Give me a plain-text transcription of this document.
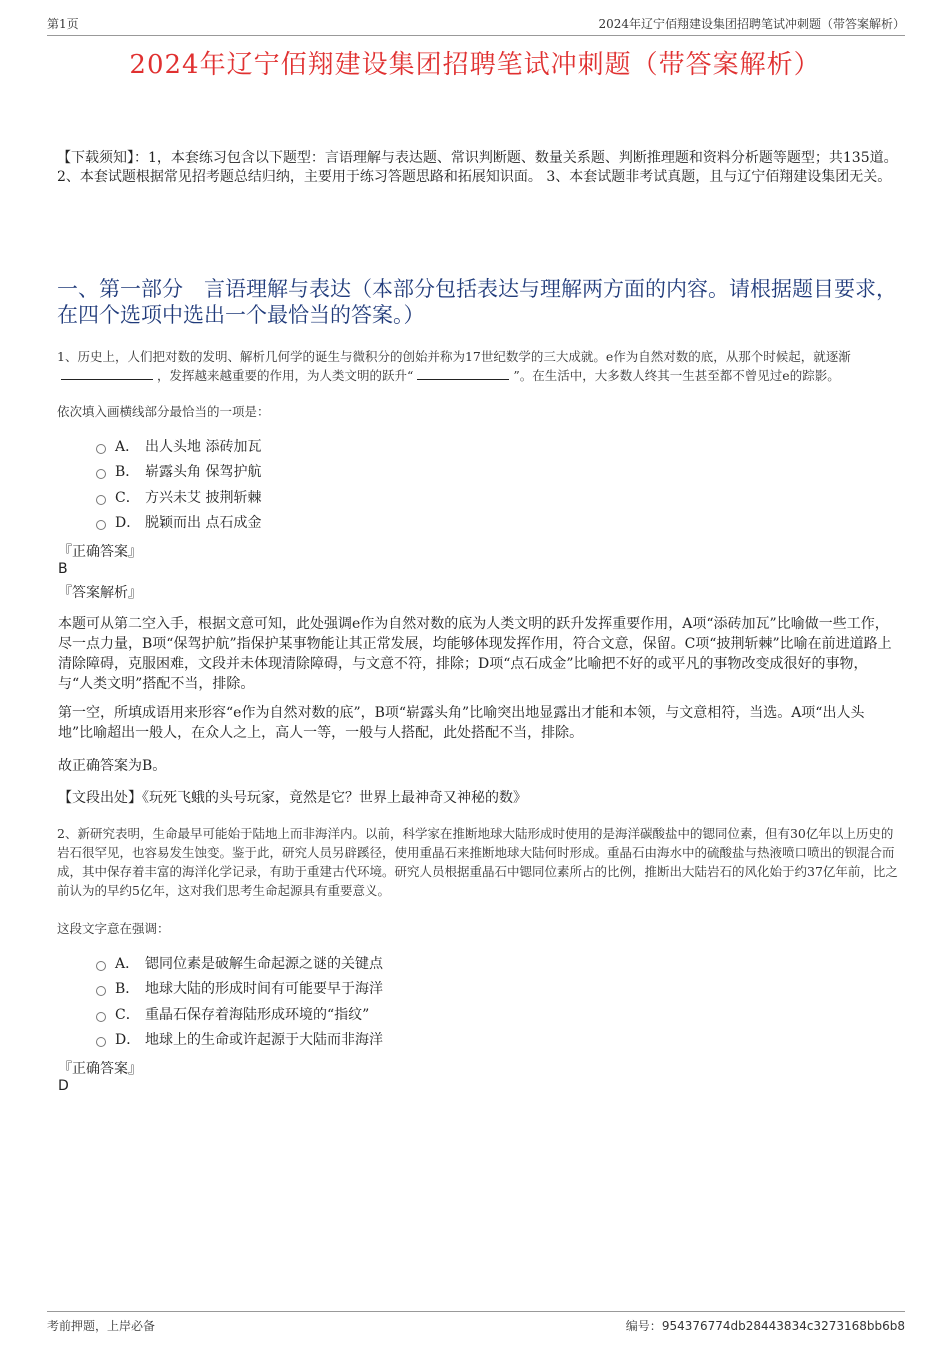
第1页	2024年辽宁佰翔建设集团招聘笔试冲刺题（带答案解析）
2024年辽宁佰翔建设集团招聘笔试冲刺题（带答案解析）
【下载须知】：1，本套练习包含以下题型：言语理解与表达题、常识判断题、数量关系题、判断推理题和资料分析题等题型；共135道。 2、本套试题根据常见招考题总结归纳，主要用于练习答题思路和拓展知识面。 3、本套试题非考试真题，且与辽宁佰翔建设集团无关。
一、第一部分　言语理解与表达（本部分包括表达与理解两方面的内容。请根据题目要求，在四个选项中选出一个最恰当的答案。）
1、历史上，人们把对数的发明、解析几何学的诞生与微积分的创始并称为17世纪数学的三大成就。e作为自然对数的底，从那个时候起，就逐渐，发挥越来越重要的作用，为人类文明的跃升“	”。在生活中，大多数人终其一生甚至都不曾见过e的踪影。
依次填入画横线部分最恰当的一项是：
A． 出人头地 添砖加瓦
B． 崭露头角 保驾护航
C． 方兴未艾 披荆斩棘
D． 脱颖而出 点石成金
『正确答案』
B
『答案解析』
本题可从第二空入手，根据文意可知，此处强调e作为自然对数的底为人类文明的跃升发挥重要作用，A项“添砖加瓦”比喻做一些工作，尽一点力量，B项“保驾护航”指保护某事物能让其正常发展，均能够体现发挥作用，符合文意，保留。C项“披荆斩棘”比喻在前进道路上清除障碍，克服困难，文段并未体现清除障碍，与文意不符，排除；D项“点石成金”比喻把不好的或平凡的事物改变成很好的事物，与“人类文明”搭配不当，排除。
第一空，所填成语用来形容“e作为自然对数的底”，B项“崭露头角”比喻突出地显露出才能和本领，与文意相符，当选。A项“出人头地”比喻超出一般人，在众人之上，高人一等，一般与人搭配，此处搭配不当，排除。
故正确答案为B。
【文段出处】《玩死飞蛾的头号玩家，竟然是它？世界上最神奇又神秘的数》
2、新研究表明，生命最早可能始于陆地上而非海洋内。以前，科学家在推断地球大陆形成时使用的是海洋碳酸盐中的锶同位素，但有30亿年以上历史的岩石很罕见，也容易发生蚀变。鉴于此，研究人员另辟蹊径，使用重晶石来推断地球大陆何时形成。重晶石由海水中的硫酸盐与热液喷口喷出的钡混合而成，其中保存着丰富的海洋化学记录，有助于重建古代环境。研究人员根据重晶石中锶同位素所占的比例，推断出大陆岩石的风化始于约37亿年前，比之前认为的早约5亿年，这对我们思考生命起源具有重要意义。
这段文字意在强调：
A． 锶同位素是破解生命起源之谜的关键点
B． 地球大陆的形成时间有可能要早于海洋
C． 重晶石保存着海陆形成环境的“指纹”
D． 地球上的生命或许起源于大陆而非海洋
『正确答案』
D
考前押题，上岸必备	编号：954376774db28443834c3273168bb6b8
